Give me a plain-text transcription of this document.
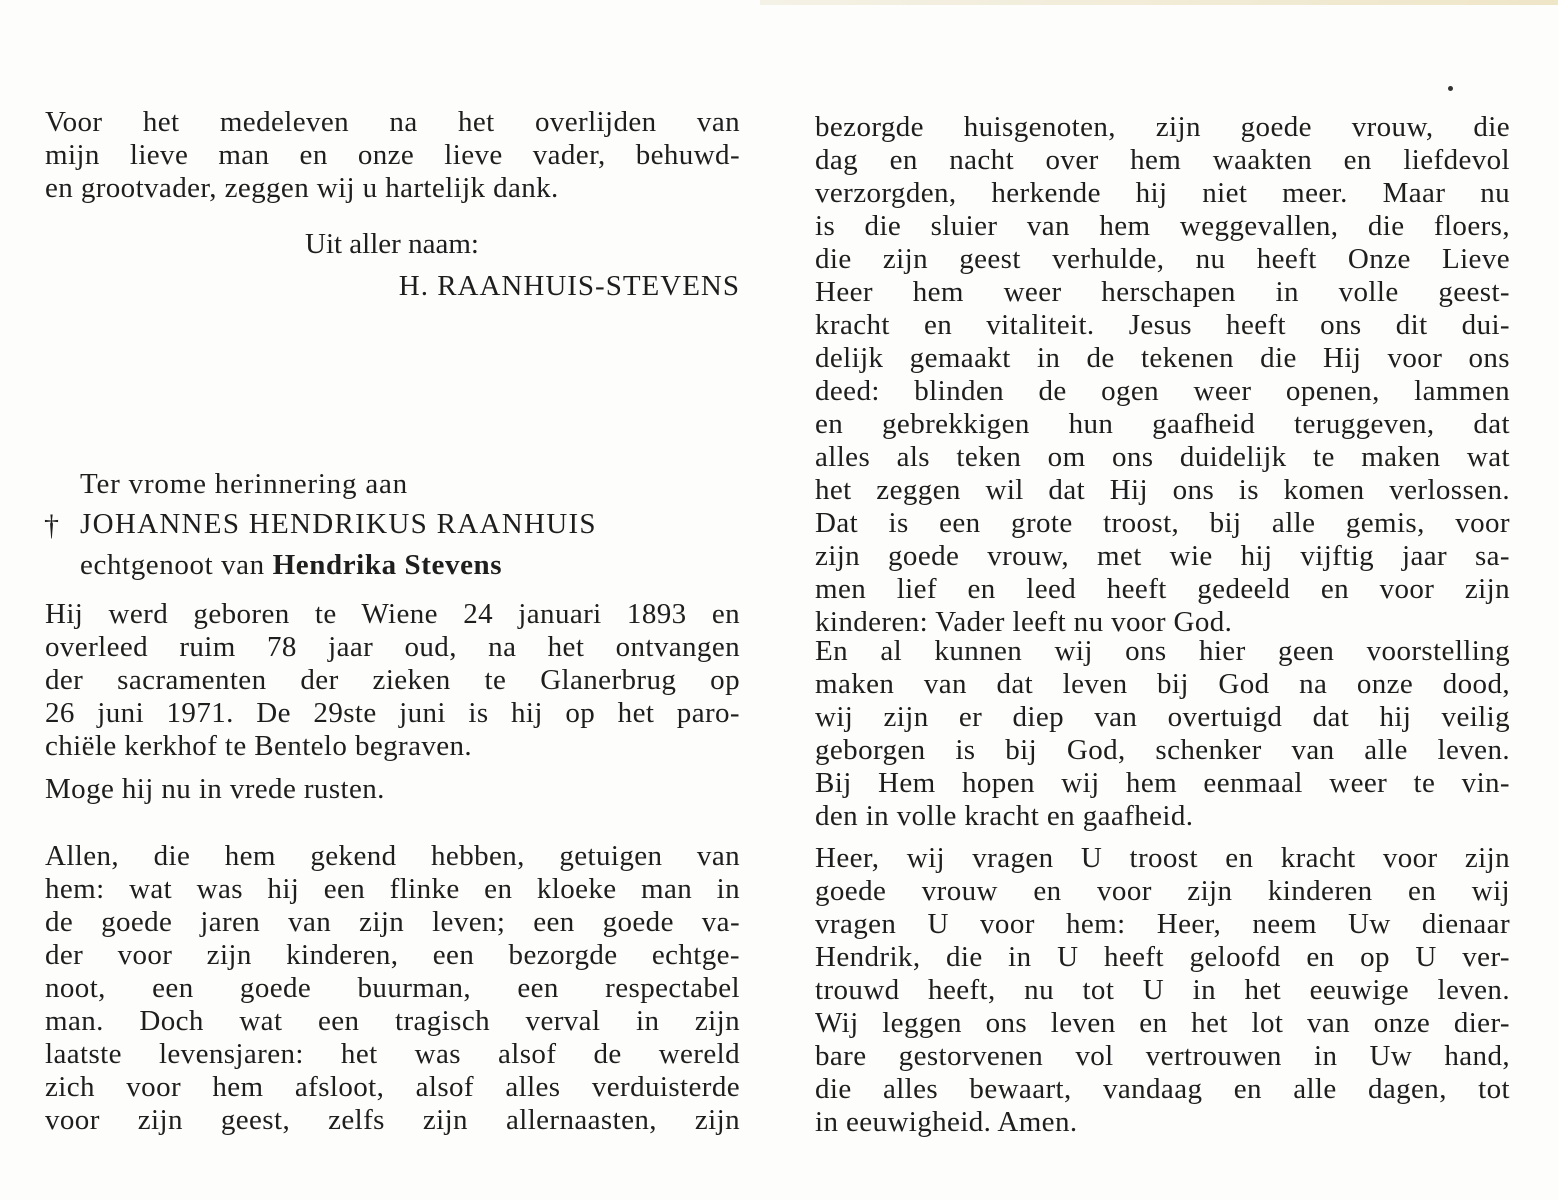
Voor het medeleven na het overlijden van
mijn lieve man en onze lieve vader, behuwd-
en grootvader, zeggen wij u hartelijk dank.
Uit aller naam:
H. RAANHUIS-STEVENS
Ter vrome herinnering aan
† JOHANNES HENDRIKUS RAANHUIS
echtgenoot van Hendrika Stevens
Hij werd geboren te Wiene 24 januari 1893 en
overleed ruim 78 jaar oud, na het ontvangen
der sacramenten der zieken te Glanerbrug op
26 juni 1971. De 29ste juni is hij op het paro-
chiële kerkhof te Bentelo begraven.
Moge hij nu in vrede rusten.
Allen, die hem gekend hebben, getuigen van
hem: wat was hij een flinke en kloeke man in
de goede jaren van zijn leven; een goede va-
der voor zijn kinderen, een bezorgde echtge-
noot, een goede buurman, een respectabel
man. Doch wat een tragisch verval in zijn
laatste levensjaren: het was alsof de wereld
zich voor hem afsloot, alsof alles verduisterde
voor zijn geest, zelfs zijn allernaasten, zijn
bezorgde huisgenoten, zijn goede vrouw, die
dag en nacht over hem waakten en liefdevol
verzorgden, herkende hij niet meer. Maar nu
is die sluier van hem weggevallen, die floers,
die zijn geest verhulde, nu heeft Onze Lieve
Heer hem weer herschapen in volle geest-
kracht en vitaliteit. Jesus heeft ons dit dui-
delijk gemaakt in de tekenen die Hij voor ons
deed: blinden de ogen weer openen, lammen
en gebrekkigen hun gaafheid teruggeven, dat
alles als teken om ons duidelijk te maken wat
het zeggen wil dat Hij ons is komen verlossen.
Dat is een grote troost, bij alle gemis, voor
zijn goede vrouw, met wie hij vijftig jaar sa-
men lief en leed heeft gedeeld en voor zijn
kinderen: Vader leeft nu voor God.
En al kunnen wij ons hier geen voorstelling
maken van dat leven bij God na onze dood,
wij zijn er diep van overtuigd dat hij veilig
geborgen is bij God, schenker van alle leven.
Bij Hem hopen wij hem eenmaal weer te vin-
den in volle kracht en gaafheid.
Heer, wij vragen U troost en kracht voor zijn
goede vrouw en voor zijn kinderen en wij
vragen U voor hem: Heer, neem Uw dienaar
Hendrik, die in U heeft geloofd en op U ver-
trouwd heeft, nu tot U in het eeuwige leven.
Wij leggen ons leven en het lot van onze dier-
bare gestorvenen vol vertrouwen in Uw hand,
die alles bewaart, vandaag en alle dagen, tot
in eeuwigheid. Amen.
